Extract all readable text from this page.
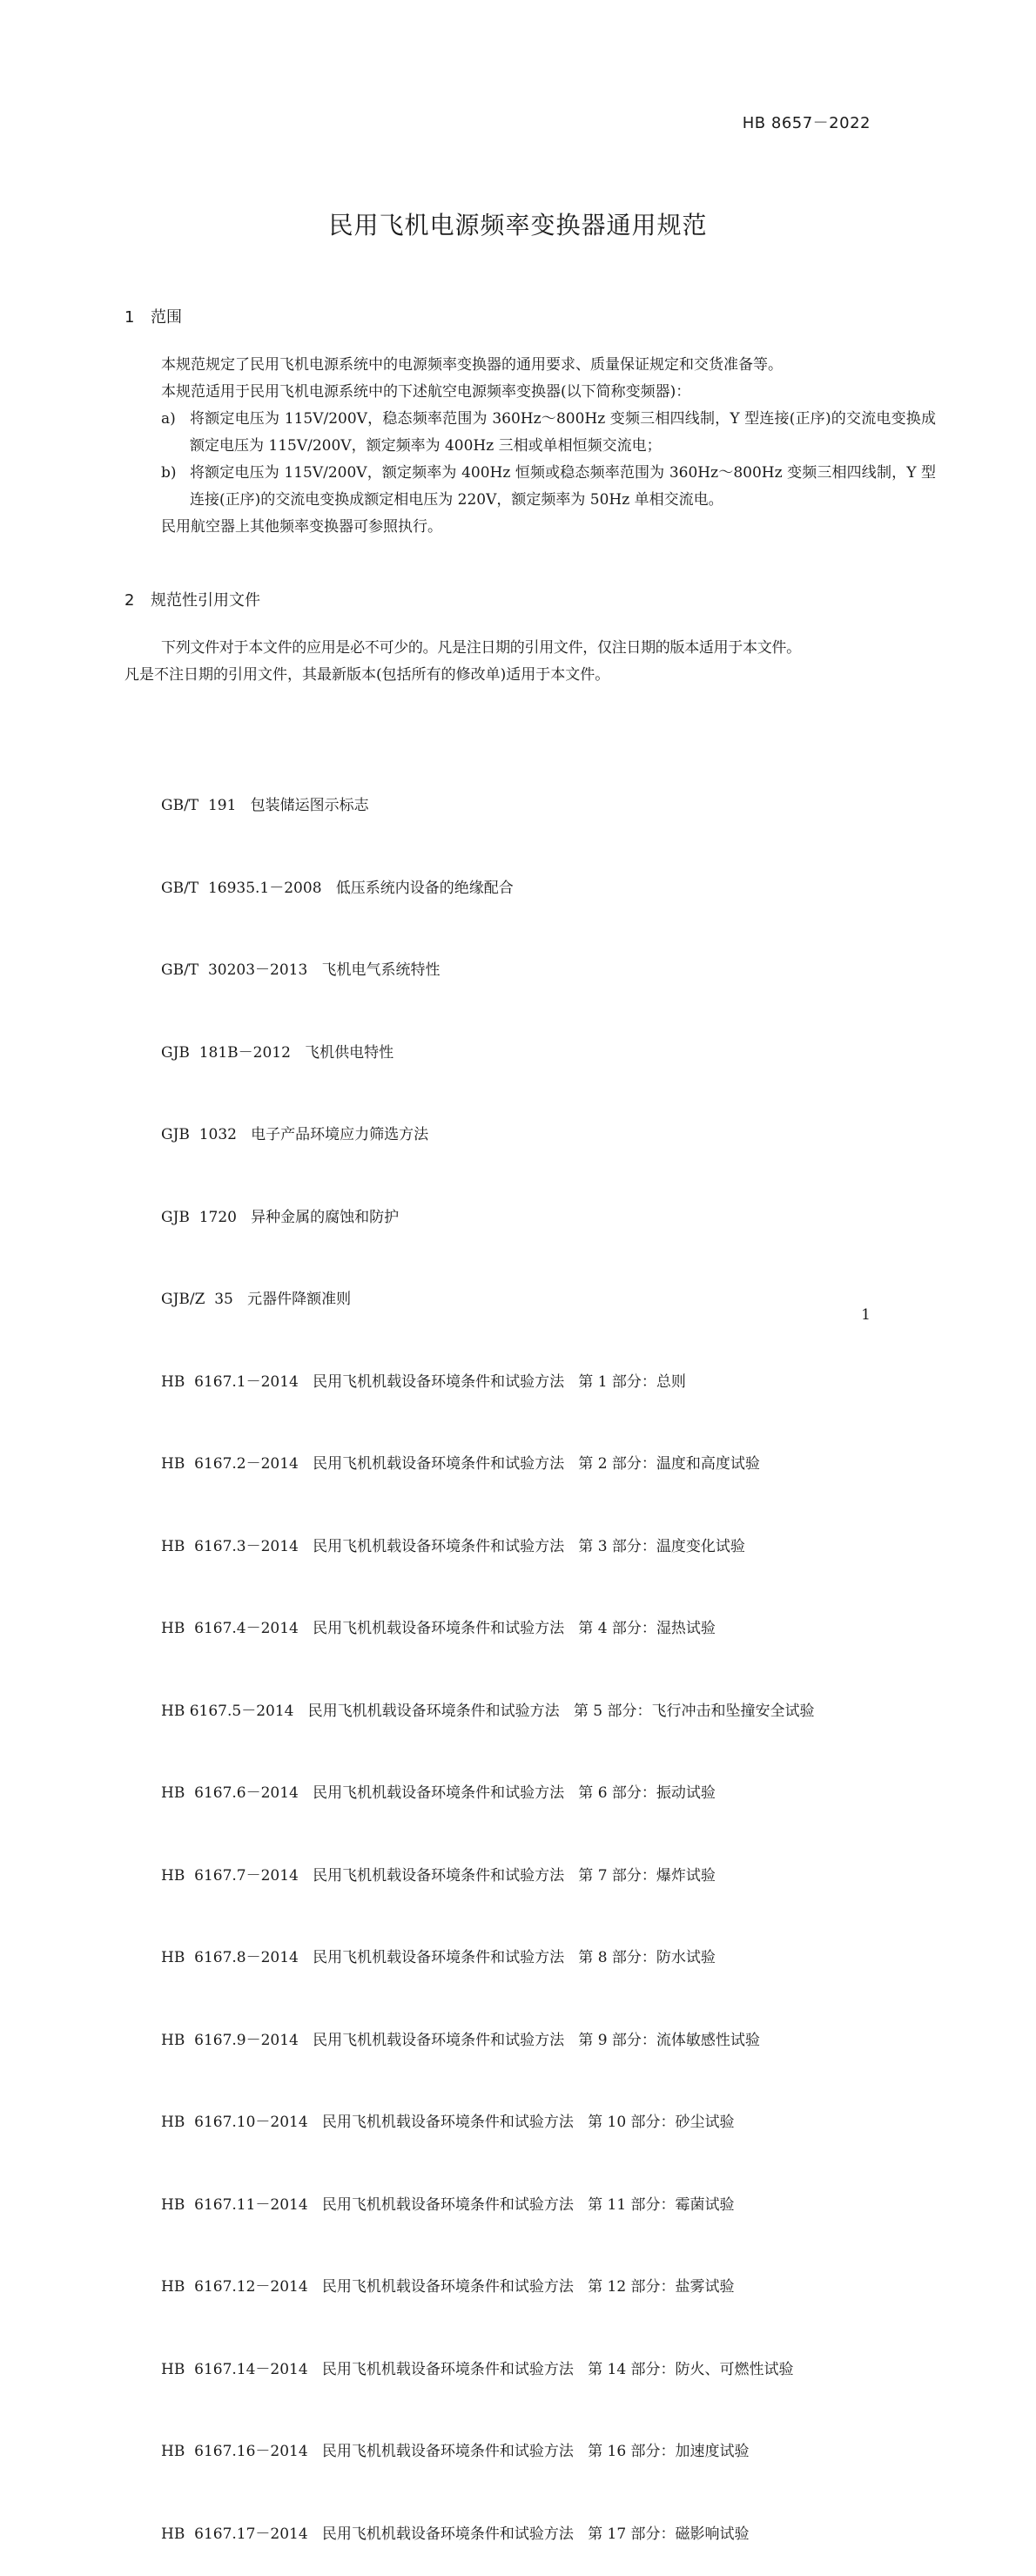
HB 8657－2022
民用飞机电源频率变换器通用规范
1 范围
本规范规定了民用飞机电源系统中的电源频率变换器的通用要求、质量保证规定和交货准备等。
本规范适用于民用飞机电源系统中的下述航空电源频率变换器(以下简称变频器)：
a) 将额定电压为 115V/200V，稳态频率范围为 360Hz～800Hz 变频三相四线制，Y 型连接(正序)的交流电变换成额定电压为 115V/200V，额定频率为 400Hz 三相或单相恒频交流电；
b) 将额定电压为 115V/200V，额定频率为 400Hz 恒频或稳态频率范围为 360Hz～800Hz 变频三相四线制，Y 型连接(正序)的交流电变换成额定相电压为 220V，额定频率为 50Hz 单相交流电。
民用航空器上其他频率变换器可参照执行。
2 规范性引用文件
下列文件对于本文件的应用是必不可少的。凡是注日期的引用文件，仅注日期的版本适用于本文件。
凡是不注日期的引用文件，其最新版本(包括所有的修改单)适用于本文件。

GB/T  191   包装储运图示标志

GB/T  16935.1－2008   低压系统内设备的绝缘配合

GB/T  30203－2013   飞机电气系统特性

GJB  181B－2012   飞机供电特性

GJB  1032   电子产品环境应力筛选方法

GJB  1720   异种金属的腐蚀和防护

GJB/Z  35   元器件降额准则

HB  6167.1－2014   民用飞机机载设备环境条件和试验方法   第 1 部分：总则

HB  6167.2－2014   民用飞机机载设备环境条件和试验方法   第 2 部分：温度和高度试验

HB  6167.3－2014   民用飞机机载设备环境条件和试验方法   第 3 部分：温度变化试验

HB  6167.4－2014   民用飞机机载设备环境条件和试验方法   第 4 部分：湿热试验

HB 6167.5－2014   民用飞机机载设备环境条件和试验方法   第 5 部分：飞行冲击和坠撞安全试验

HB  6167.6－2014   民用飞机机载设备环境条件和试验方法   第 6 部分：振动试验

HB  6167.7－2014   民用飞机机载设备环境条件和试验方法   第 7 部分：爆炸试验

HB  6167.8－2014   民用飞机机载设备环境条件和试验方法   第 8 部分：防水试验

HB  6167.9－2014   民用飞机机载设备环境条件和试验方法   第 9 部分：流体敏感性试验

HB  6167.10－2014   民用飞机机载设备环境条件和试验方法   第 10 部分：砂尘试验

HB  6167.11－2014   民用飞机机载设备环境条件和试验方法   第 11 部分：霉菌试验

HB  6167.12－2014   民用飞机机载设备环境条件和试验方法   第 12 部分：盐雾试验

HB  6167.14－2014   民用飞机机载设备环境条件和试验方法   第 14 部分：防火、可燃性试验

HB  6167.16－2014   民用飞机机载设备环境条件和试验方法   第 16 部分：加速度试验

HB  6167.17－2014   民用飞机机载设备环境条件和试验方法   第 17 部分：磁影响试验

1
